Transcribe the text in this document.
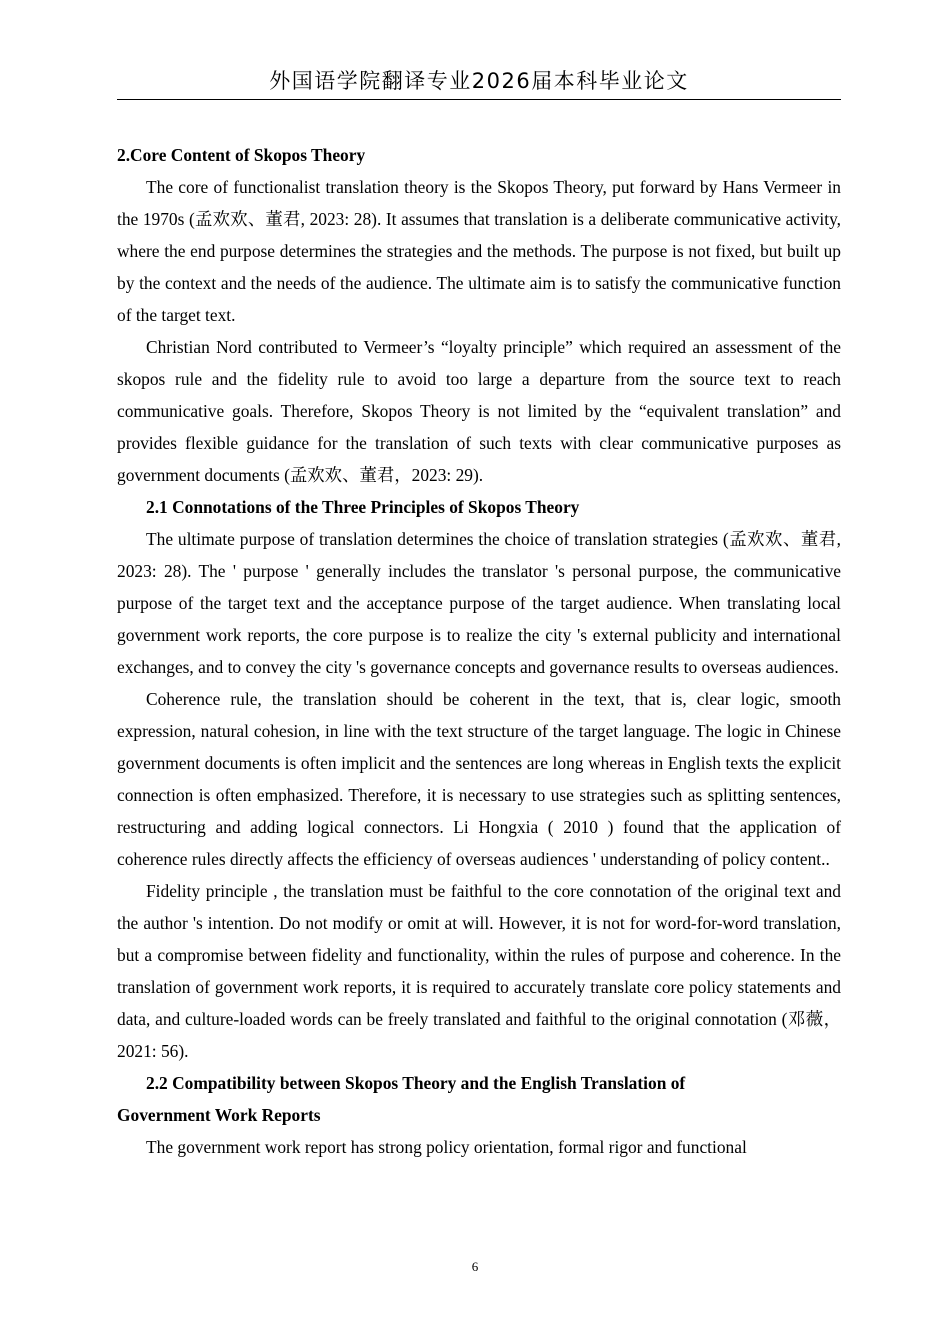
外国语学院翻译专业2026届本科毕业论文

2.Core Content of Skopos Theory

The core of functionalist translation theory is the Skopos Theory, put forward by Hans Vermeer in the 1970s (孟欢欢、董君, 2023: 28). It assumes that translation is a deliberate communicative activity, where the end purpose determines the strategies and the methods. The purpose is not fixed, but built up by the context and the needs of the audience. The ultimate aim is to satisfy the communicative function of the target text.

Christian Nord contributed to Vermeer’s “loyalty principle” which required an assessment of the skopos rule and the fidelity rule to avoid too large a departure from the source text to reach communicative goals. Therefore, Skopos Theory is not limited by the “equivalent translation” and provides flexible guidance for the translation of such texts with clear communicative purposes as government documents (孟欢欢、董君，2023: 29).

2.1 Connotations of the Three Principles of Skopos Theory

The ultimate purpose of translation determines the choice of translation strategies (孟欢欢、董君, 2023: 28). The ' purpose ' generally includes the translator 's personal purpose, the communicative purpose of the target text and the acceptance purpose of the target audience. When translating local government work reports, the core purpose is to realize the city 's external publicity and international exchanges, and to convey the city 's governance concepts and governance results to overseas audiences.

Coherence rule, the translation should be coherent in the text, that is, clear logic, smooth expression, natural cohesion, in line with the text structure of the target language. The logic in Chinese government documents is often implicit and the sentences are long whereas in English texts the explicit connection is often emphasized. Therefore, it is necessary to use strategies such as splitting sentences, restructuring and adding logical connectors. Li Hongxia ( 2010 ) found that the application of coherence rules directly affects the efficiency of overseas audiences ' understanding of policy content..

Fidelity principle , the translation must be faithful to the core connotation of the original text and the author 's intention. Do not modify or omit at will. However, it is not for word-for-word translation, but a compromise between fidelity and functionality, within the rules of purpose and coherence. In the translation of government work reports, it is required to accurately translate core policy statements and data, and culture-loaded words can be freely translated and faithful to the original connotation (邓薇，2021: 56).

2.2 Compatibility between Skopos Theory and the English Translation of

Government Work Reports

The government work report has strong policy orientation, formal rigor and functional

6
